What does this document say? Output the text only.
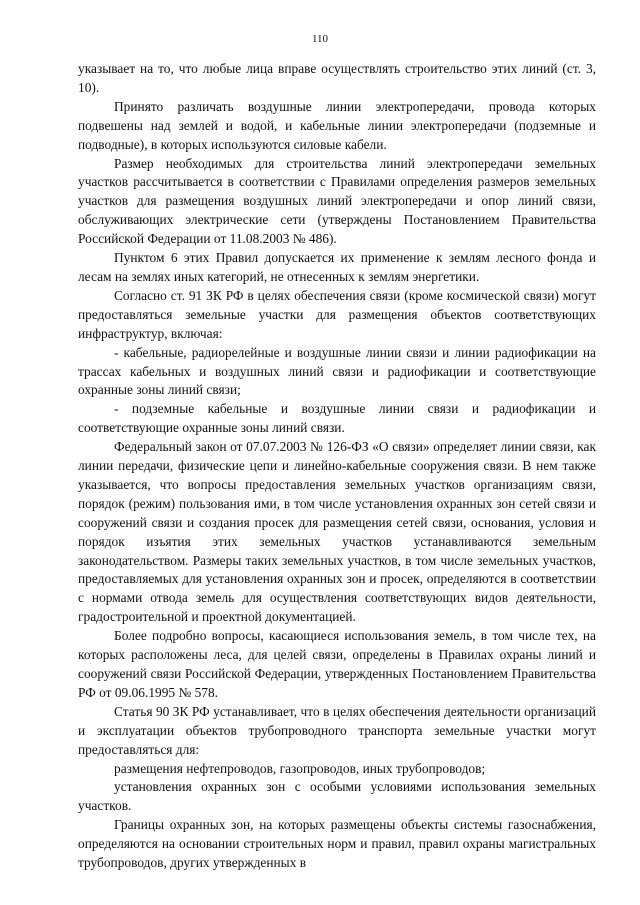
110

указывает на то, что любые лица вправе осуществлять строительство этих линий (ст. 3, 10).

Принято различать воздушные линии электропередачи, провода которых подвешены над землей и водой, и кабельные линии электропередачи (подземные и подводные), в которых используются силовые кабели.

Размер необходимых для строительства линий электропередачи земельных участков рассчитывается в соответствии с Правилами определения размеров земельных участков для размещения воздушных линий электропередачи и опор линий связи, обслуживающих электрические сети (утверждены Постановлением Правительства Российской Федерации от 11.08.2003 № 486).

Пунктом 6 этих Правил допускается их применение к землям лесного фонда и лесам на землях иных категорий, не отнесенных к землям энергетики.

Согласно ст. 91 ЗК РФ в целях обеспечения связи (кроме космической связи) могут предоставляться земельные участки для размещения объектов соответствующих инфраструктур, включая:

- кабельные, радиорелейные и воздушные линии связи и линии радиофикации на трассах кабельных и воздушных линий связи и радиофикации и соответствующие охранные зоны линий связи;

- подземные кабельные и воздушные линии связи и радиофикации и соответствующие охранные зоны линий связи.

Федеральный закон от 07.07.2003 № 126-ФЗ «О связи» определяет линии связи, как линии передачи, физические цепи и линейно-кабельные сооружения связи. В нем также указывается, что вопросы предоставления земельных участков организациям связи, порядок (режим) пользования ими, в том числе установления охранных зон сетей связи и сооружений связи и создания просек для размещения сетей связи, основания, условия и порядок изъятия этих земельных участков устанавливаются земельным законодательством. Размеры таких земельных участков, в том числе земельных участков, предоставляемых для установления охранных зон и просек, определяются в соответствии с нормами отвода земель для осуществления соответствующих видов деятельности, градостроительной и проектной документацией.

Более подробно вопросы, касающиеся использования земель, в том числе тех, на которых расположены леса, для целей связи, определены в Правилах охраны линий и сооружений связи Российской Федерации, утвержденных Постановлением Правительства РФ от 09.06.1995 № 578.

Статья 90 ЗК РФ устанавливает, что в целях обеспечения деятельности организаций и эксплуатации объектов трубопроводного транспорта земельные участки могут предоставляться для:

размещения нефтепроводов, газопроводов, иных трубопроводов;

установления охранных зон с особыми условиями использования земельных участков.

Границы охранных зон, на которых размещены объекты системы газоснабжения, определяются на основании строительных норм и правил, правил охраны магистральных трубопроводов, других утвержденных в
